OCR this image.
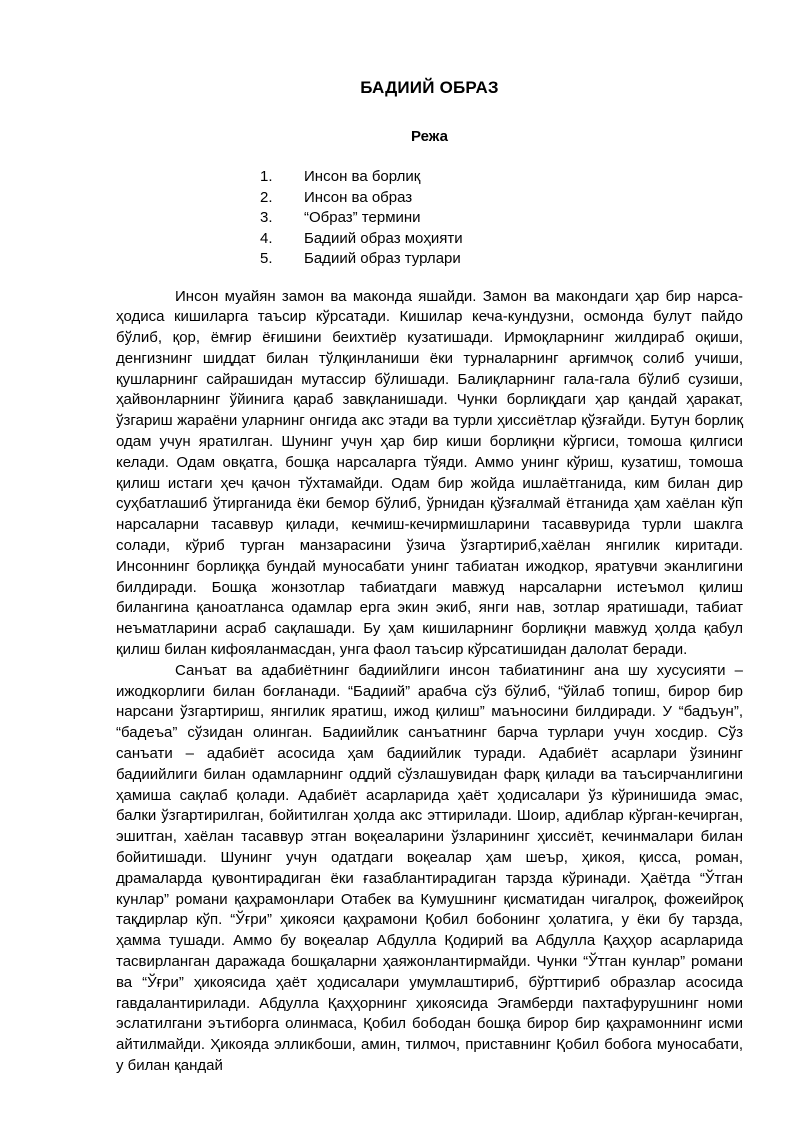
БАДИИЙ ОБРАЗ
Режа
1.	Инсон ва борлиқ
2.	Инсон ва образ
3.	“Образ” термини
4.	Бадиий образ моҳияти
5.	Бадиий образ турлари

Инсон муайян замон ва маконда яшайди. Замон ва макондаги ҳар бир нарса-ҳодиса кишиларга таъсир кўрсатади. Кишилар кеча-кундузни, осмонда булут пайдо бўлиб, қор, ёмғир ёғишини беихтиёр кузатишади. Ирмоқларнинг жилдираб оқиши, денгизнинг шиддат билан тўлқинланиши ёки турналарнинг арғимчоқ солиб учиши, қушларнинг сайрашидан мутассир бўлишади. Балиқларнинг гала-гала бўлиб сузиши, ҳайвонларнинг ўйинига қараб завқланишади. Чунки борлиқдаги ҳар қандай ҳаракат, ўзгариш жараёни уларнинг онгида акс этади ва турли ҳиссиётлар қўзғайди. Бутун борлиқ одам учун яратилган. Шунинг учун ҳар бир киши борлиқни кўргиси, томоша қилгиси келади. Одам овқатга, бошқа нарсаларга тўяди. Аммо унинг кўриш, кузатиш, томоша қилиш истаги ҳеч қачон тўхтамайди. Одам бир жойда ишлаётганида, ким билан дир суҳбатлашиб ўтирганида ёки бемор бўлиб, ўрнидан қўзғалмай ётганида ҳам хаёлан кўп нарсаларни тасаввур қилади, кечмиш-кечирмишларини тасаввурида турли шаклга солади, кўриб турган манзарасини ўзича ўзгартириб,хаёлан янгилик киритади. Инсоннинг борлиққа бундай муносабати унинг табиатан ижодкор, яратувчи эканлигини билдиради. Бошқа жонзотлар табиатдаги мавжуд нарсаларни истеъмол қилиш билангина қаноатланса одамлар ерга экин экиб, янги нав, зотлар яратишади, табиат неъматларини асраб сақлашади. Бу ҳам кишиларнинг борлиқни мавжуд ҳолда қабул қилиш билан кифояланмасдан, унга фаол таъсир кўрсатишидан далолат беради.

Санъат ва адабиётнинг бадиийлиги инсон табиатининг ана шу хусусияти – ижодкорлиги билан боғланади. “Бадиий” арабча сўз бўлиб, “ўйлаб топиш, бирор бир нарсани ўзгартириш, янгилик яратиш, ижод қилиш” маъносини билдиради. У “бадъун”, “бадеъа” сўзидан олинган. Бадиийлик санъатнинг барча турлари учун хосдир. Сўз санъати – адабиёт асосида ҳам бадиийлик туради. Адабиёт асарлари ўзининг бадиийлиги билан одамларнинг оддий сўзлашувидан фарқ қилади ва таъсирчанлигини ҳамиша сақлаб қолади. Адабиёт асарларида ҳаёт ҳодисалари ўз кўринишида эмас, балки ўзгартирилган, бойитилган ҳолда акс эттирилади. Шоир, адиблар кўрган-кечирган, эшитган, хаёлан тасаввур этган воқеаларини ўзларининг ҳиссиёт, кечинмалари билан бойитишади. Шунинг учун одатдаги воқеалар ҳам шеър, ҳикоя, қисса, роман, драмаларда қувонтирадиган ёки ғазаблантирадиган тарзда кўринади. Ҳаётда “Ўтган кунлар” романи қаҳрамонлари Отабек ва Кумушнинг қисматидан чигалроқ, фожеийроқ тақдирлар кўп. “Ўғри” ҳикояси қаҳрамони Қобил бобонинг ҳолатига, у ёки бу тарзда, ҳамма тушади. Аммо бу воқеалар Абдулла Қодирий ва Абдулла Қаҳҳор асарларида тасвирланган даражада бошқаларни ҳаяжонлантирмайди. Чунки “Ўтган кунлар” романи ва “Ўғри” ҳикоясида ҳаёт ҳодисалари умумлаштириб, бўрттириб образлар асосида гавдалантирилади. Абдулла Қаҳҳорнинг ҳикоясида Эгамберди пахтафурушнинг номи эслатилгани эътиборга олинмаса, Қобил бободан бошқа бирор бир қаҳрамоннинг исми айтилмайди. Ҳикояда элликбоши, амин, тилмоч, приставнинг Қобил бобога муносабати, у билан қандай
